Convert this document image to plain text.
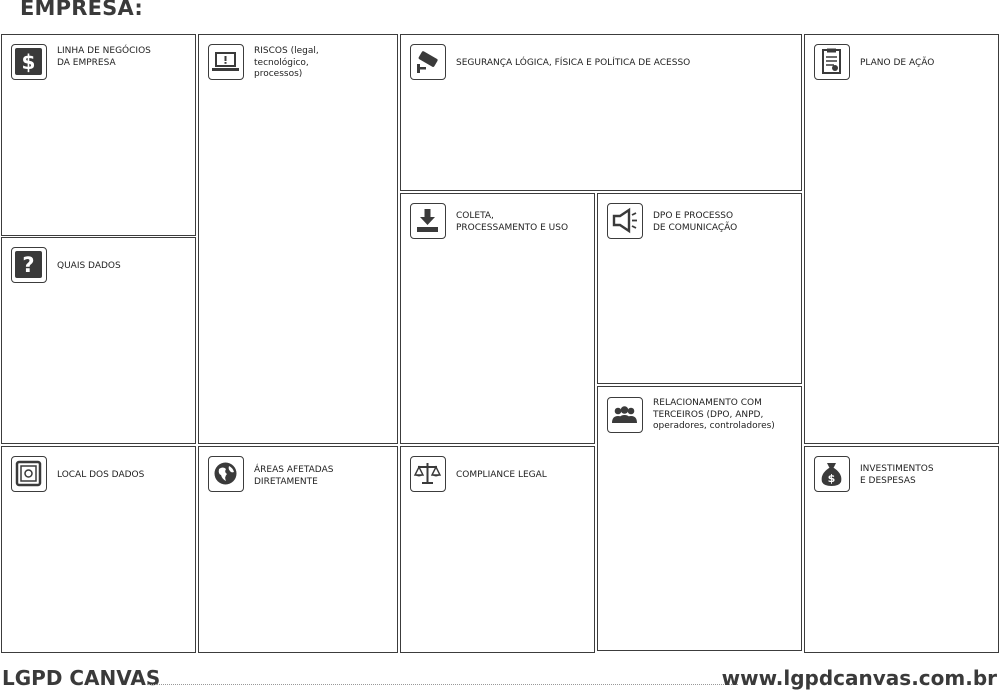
EMPRESA:
$	LINHA DE NEGÓCIOS
DA EMPRESA
?	QUAIS DADOS
LOCAL DOS DADOS
RISCOS (legal,
tecnológico,
processos)
ÁREAS AFETADAS
DIRETAMENTE
SEGURANÇA LÓGICA, FÍSICA E POLÍTICA DE ACESSO
COLETA,
PROCESSAMENTO E USO
DPO E PROCESSO
DE COMUNICAÇÃO
RELACIONAMENTO COM
TERCEIROS (DPO, ANPD,
operadores, controladores)
COMPLIANCE LEGAL
PLANO DE AÇÃO
$
INVESTIMENTOS
E DESPESAS
LGPD CANVAS	www.lgpdcanvas.com.br
